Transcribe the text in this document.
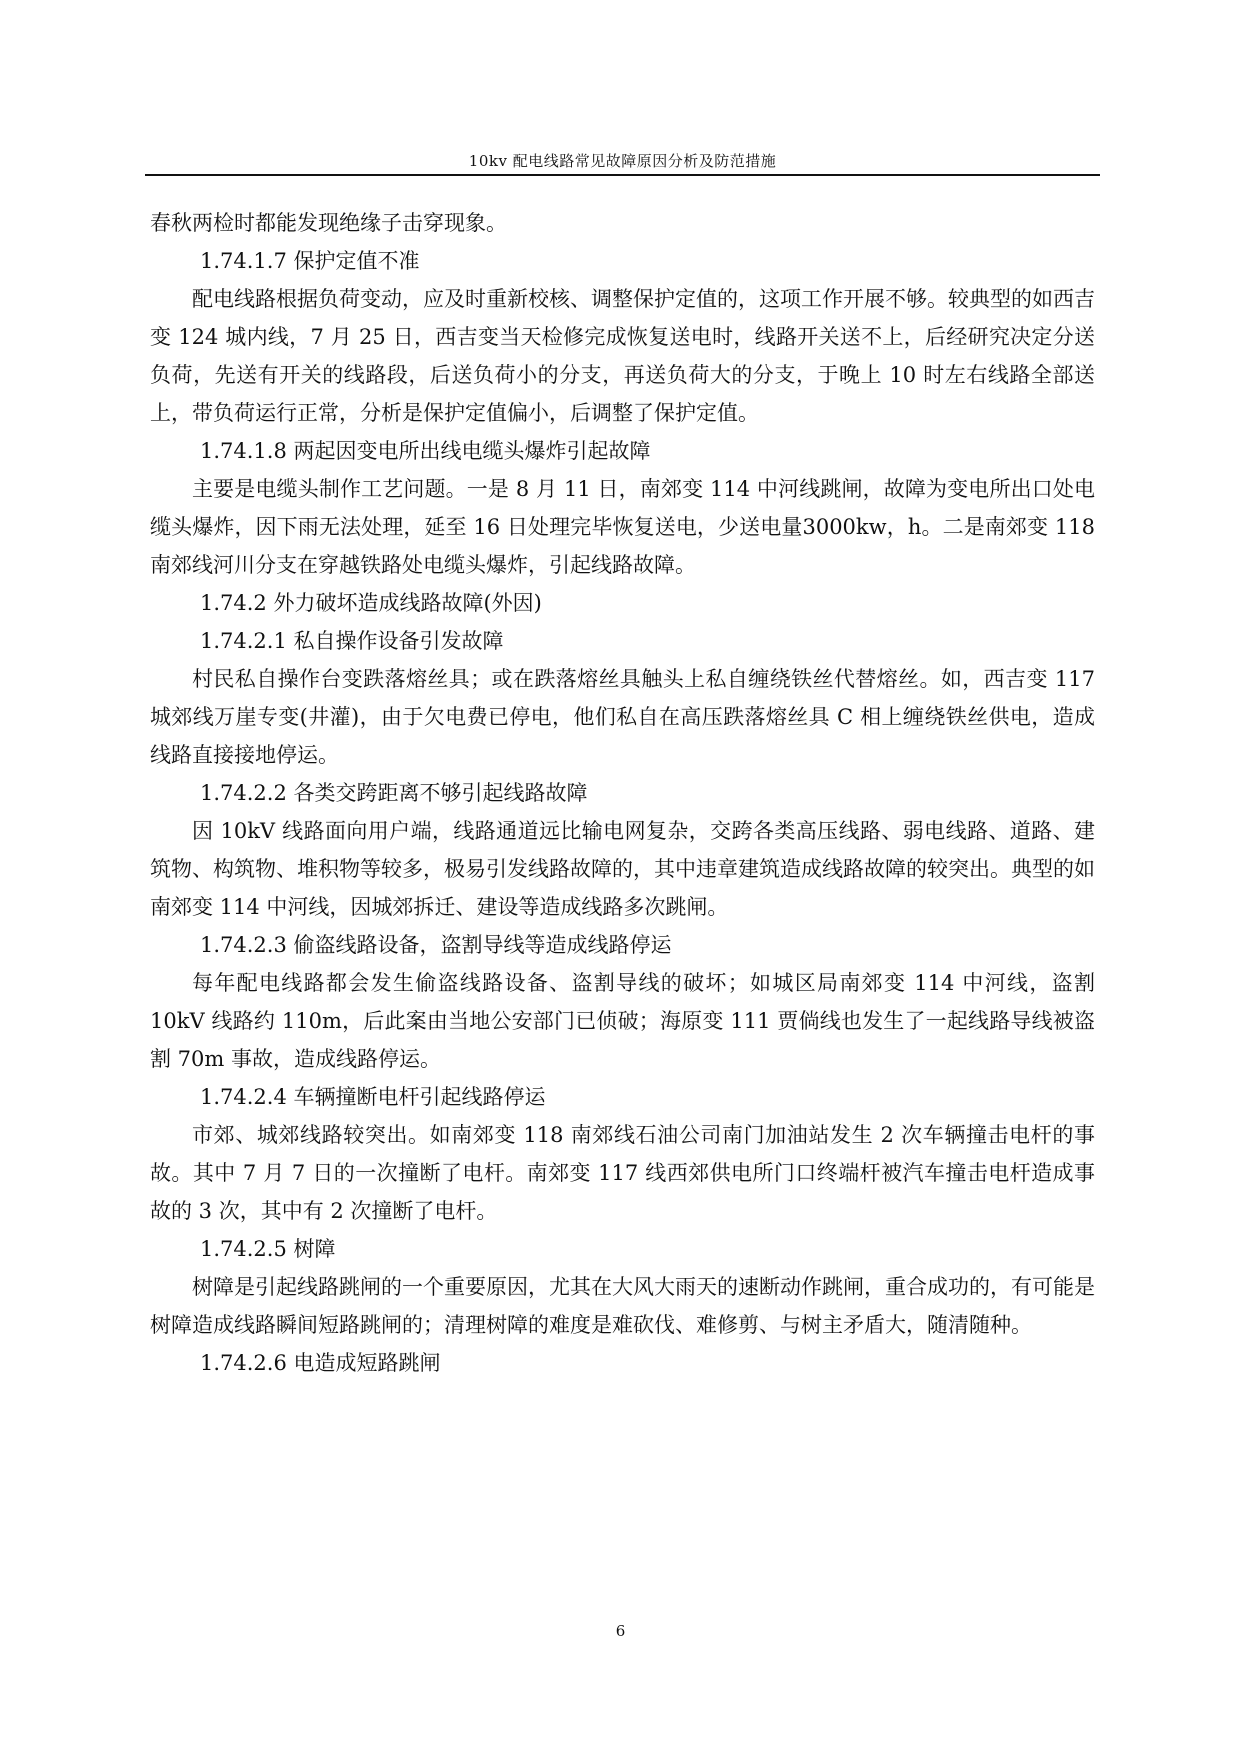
10kv 配电线路常见故障原因分析及防范措施

春秋两检时都能发现绝缘子击穿现象。

1.74.1.7 保护定值不准

配电线路根据负荷变动，应及时重新校核、调整保护定值的，这项工作开展不够。较典型的如西吉变 124 城内线，7 月 25 日，西吉变当天检修完成恢复送电时，线路开关送不上，后经研究决定分送负荷，先送有开关的线路段，后送负荷小的分支，再送负荷大的分支，于晚上 10 时左右线路全部送上，带负荷运行正常，分析是保护定值偏小，后调整了保护定值。

1.74.1.8 两起因变电所出线电缆头爆炸引起故障

主要是电缆头制作工艺问题。一是 8 月 11 日，南郊变 114 中河线跳闸，故障为变电所出口处电缆头爆炸，因下雨无法处理，延至 16 日处理完毕恢复送电，少送电量3000kw，h。二是南郊变 118 南郊线河川分支在穿越铁路处电缆头爆炸，引起线路故障。

1.74.2 外力破坏造成线路故障(外因)

1.74.2.1 私自操作设备引发故障

村民私自操作台变跌落熔丝具；或在跌落熔丝具触头上私自缠绕铁丝代替熔丝。如，西吉变 117 城郊线万崖专变(井灌)，由于欠电费已停电，他们私自在高压跌落熔丝具 C 相上缠绕铁丝供电，造成线路直接接地停运。

1.74.2.2 各类交跨距离不够引起线路故障

因 10kV 线路面向用户端，线路通道远比输电网复杂，交跨各类高压线路、弱电线路、道路、建筑物、构筑物、堆积物等较多，极易引发线路故障的，其中违章建筑造成线路故障的较突出。典型的如南郊变 114 中河线，因城郊拆迁、建设等造成线路多次跳闸。

1.74.2.3 偷盗线路设备，盗割导线等造成线路停运

每年配电线路都会发生偷盗线路设备、盗割导线的破坏；如城区局南郊变 114 中河线，盗割 10kV 线路约 110m，后此案由当地公安部门已侦破；海原变 111 贾倘线也发生了一起线路导线被盗割 70m 事故，造成线路停运。

1.74.2.4 车辆撞断电杆引起线路停运

市郊、城郊线路较突出。如南郊变 118 南郊线石油公司南门加油站发生 2 次车辆撞击电杆的事故。其中 7 月 7 日的一次撞断了电杆。南郊变 117 线西郊供电所门口终端杆被汽车撞击电杆造成事故的 3 次，其中有 2 次撞断了电杆。

1.74.2.5 树障

树障是引起线路跳闸的一个重要原因，尤其在大风大雨天的速断动作跳闸，重合成功的，有可能是树障造成线路瞬间短路跳闸的；清理树障的难度是难砍伐、难修剪、与树主矛盾大，随清随种。

1.74.2.6 电造成短路跳闸

6
